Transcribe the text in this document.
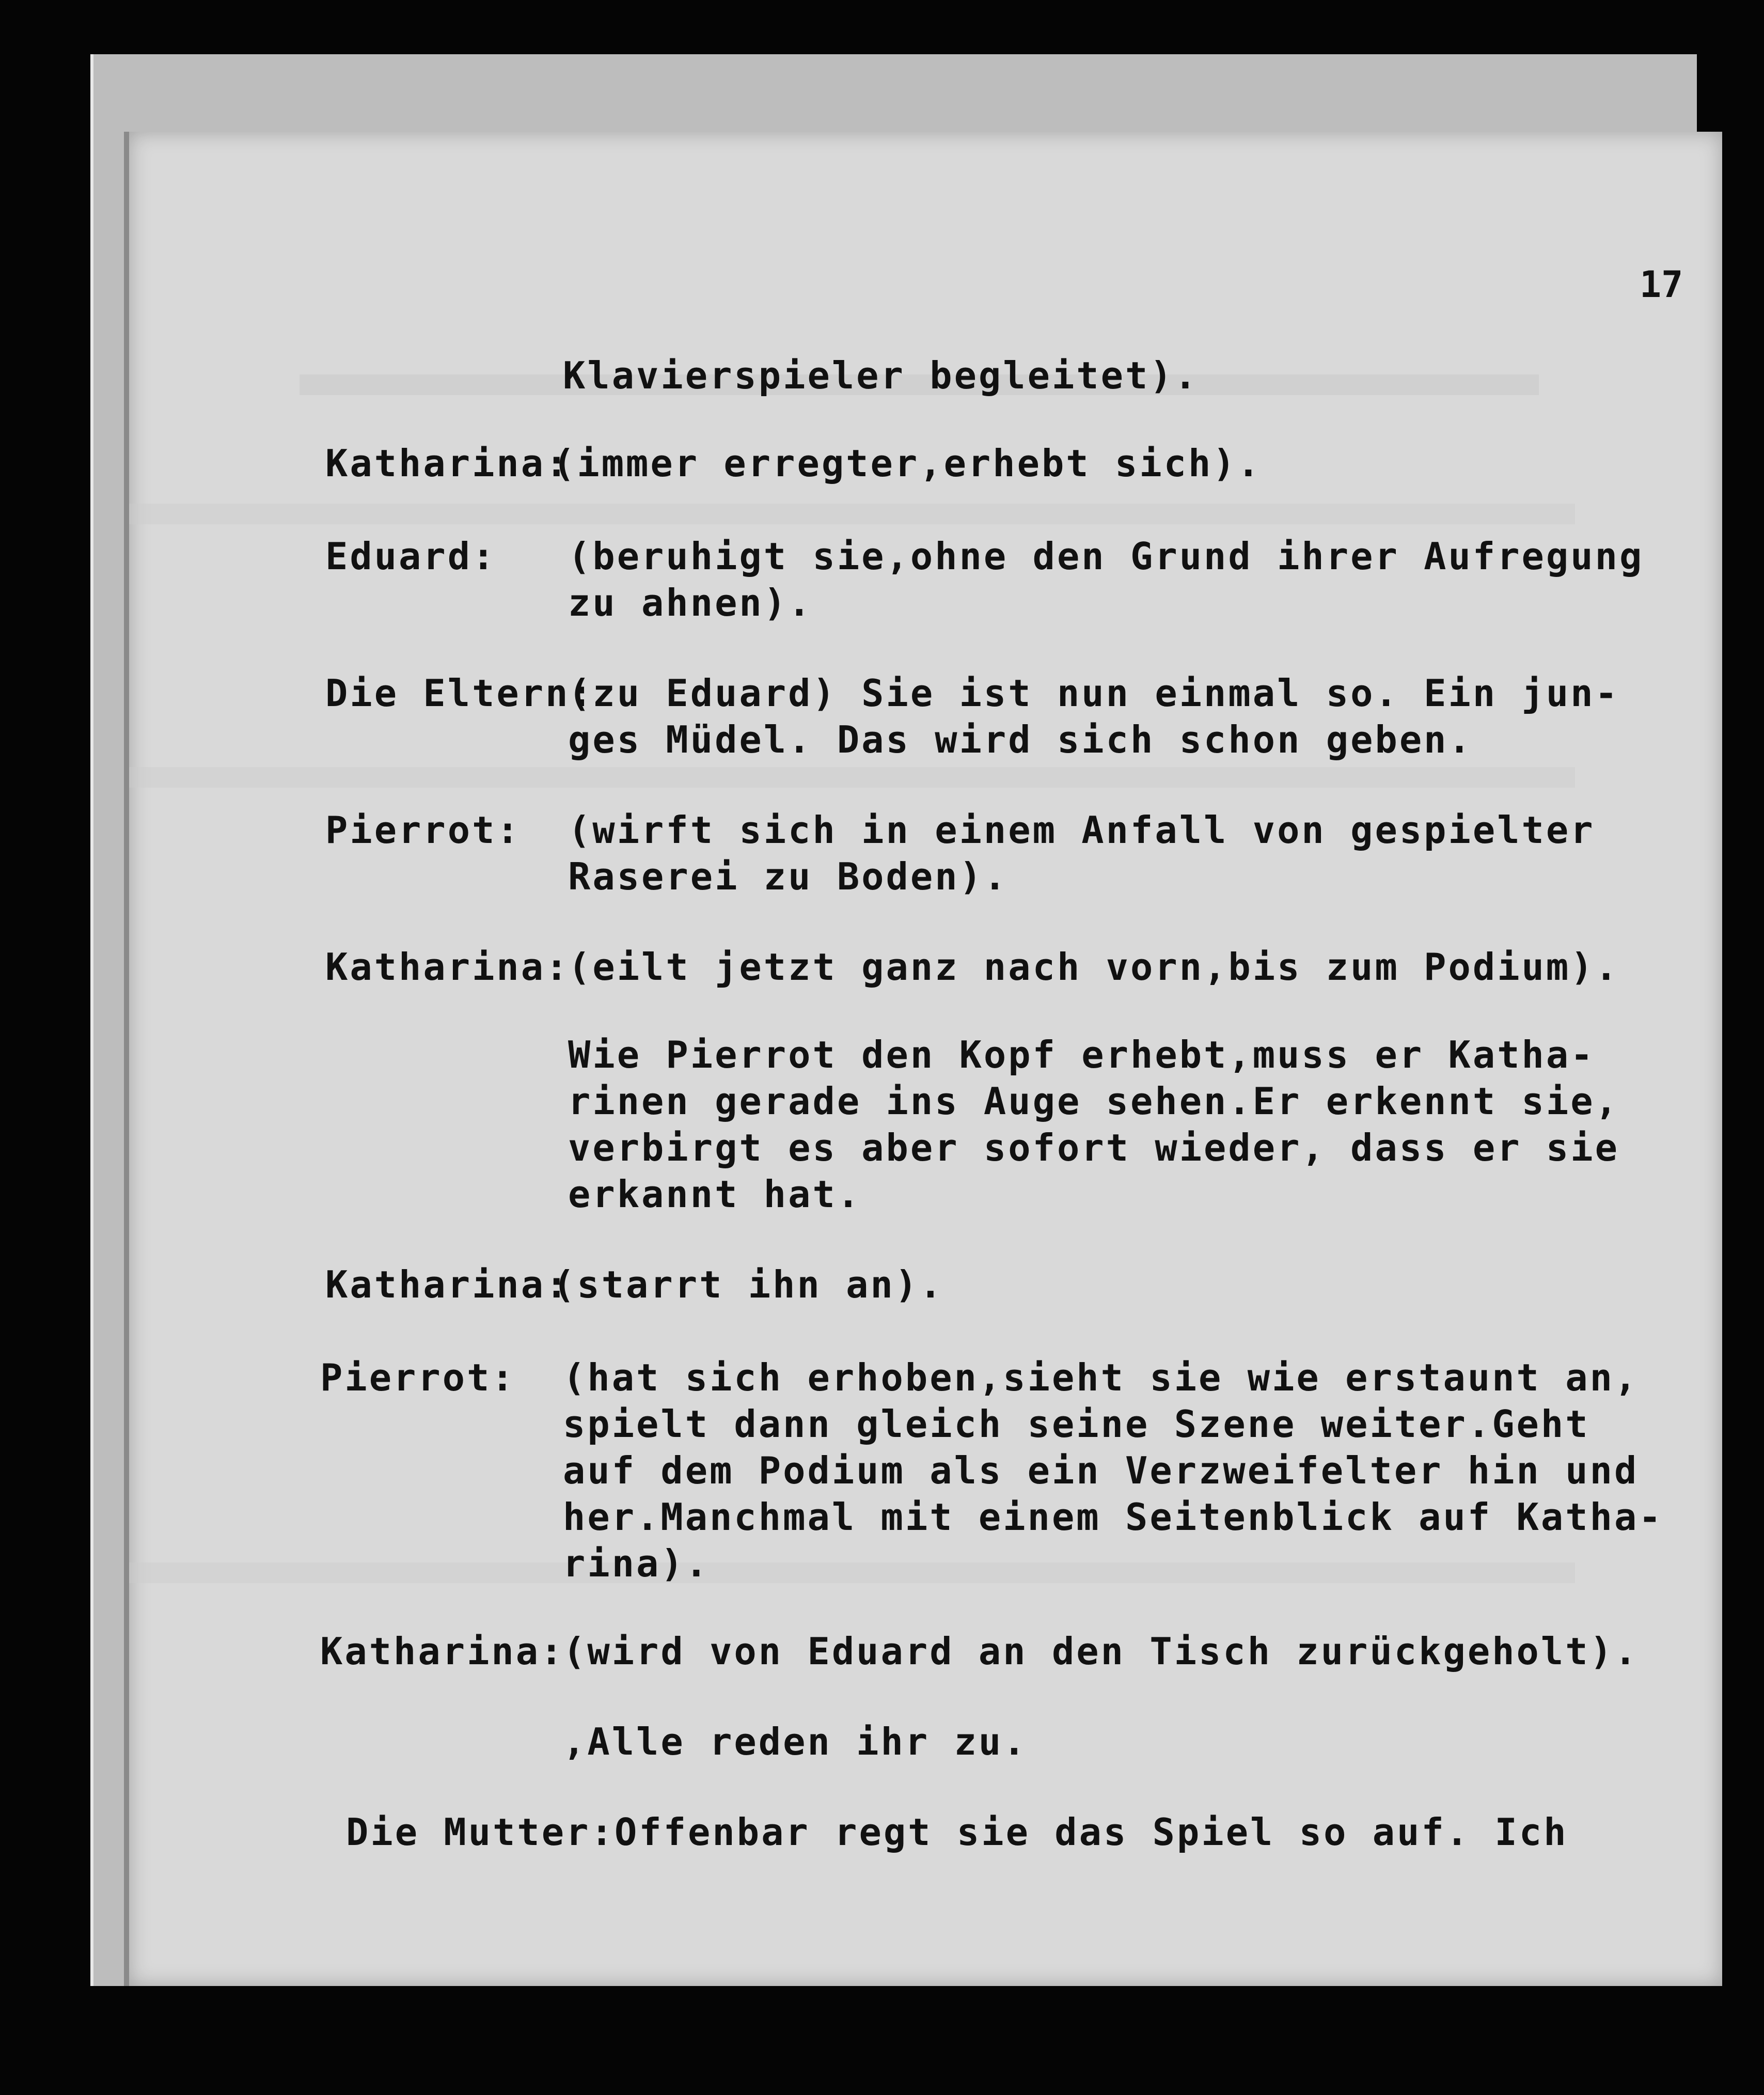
17
Klavierspieler begleitet).
Katharina:
(immer erregter,erhebt sich).
Eduard: (beruhigt sie,ohne den Grund ihrer Aufregung
zu ahnen).
Die Eltern:
(zu Eduard) Sie ist nun einmal so. Ein jun-
ges Müdel. Das wird sich schon geben.
Pierrot: (wirft sich in einem Anfall von gespielter
Raserei zu Boden).
Katharina:
(eilt jetzt ganz nach vorn,bis zum Podium).
Wie Pierrot den Kopf erhebt,muss er Katha-
rinen gerade ins Auge sehen.Er erkennt sie,
verbirgt es aber sofort wieder, dass er sie
erkannt hat.
Katharina:
(starrt ihn an).
Pierrot: (hat sich erhoben,sieht sie wie erstaunt an,
spielt dann gleich seine Szene weiter.Geht
auf dem Podium als ein Verzweifelter hin und
her.Manchmal mit einem Seitenblick auf Katha-
rina).
Katharina:
(wird von Eduard an den Tisch zurückgeholt).
,Alle reden ihr zu.
Die Mutter: Offenbar regt sie das Spiel so auf. Ich
